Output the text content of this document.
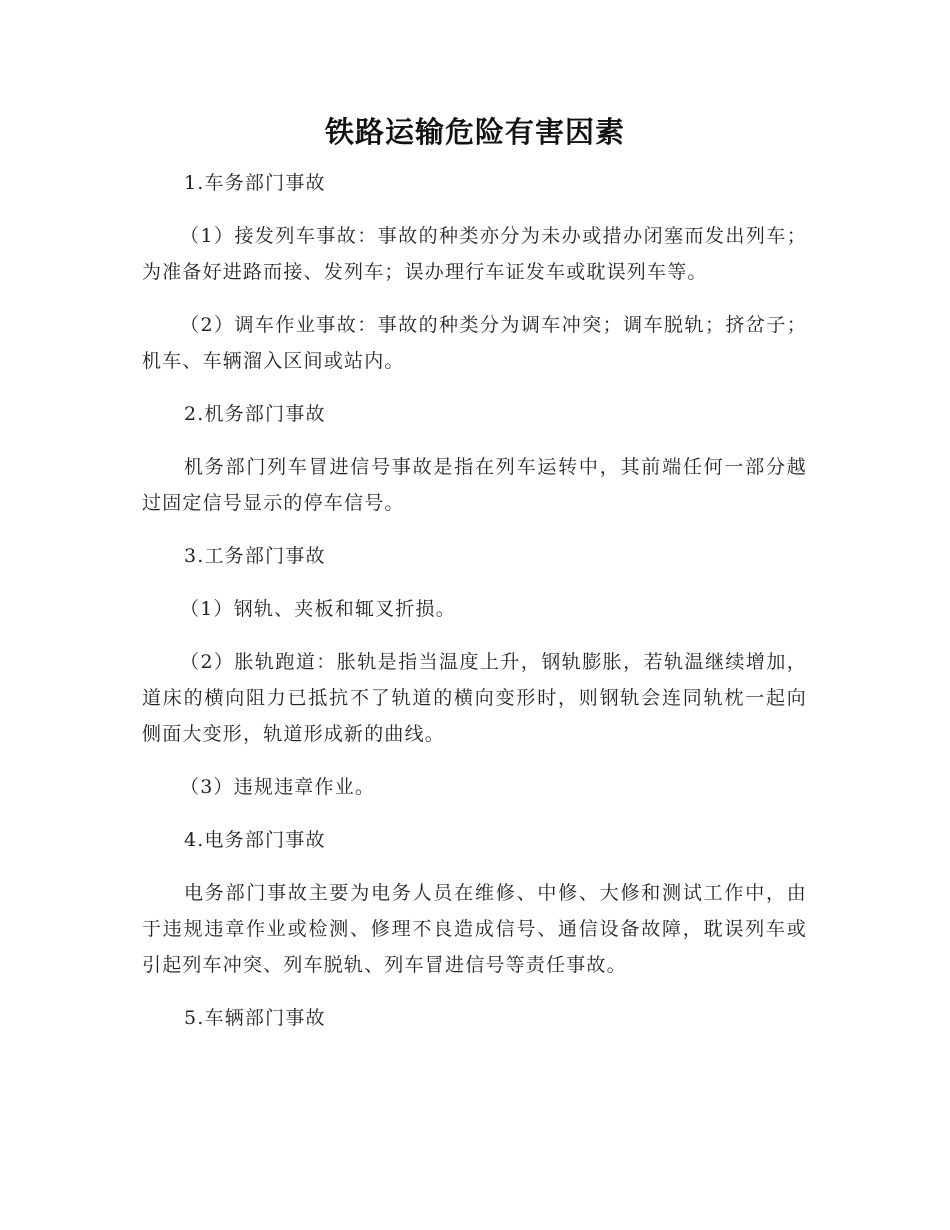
铁路运输危险有害因素

1.车务部门事故

（1）接发列车事故：事故的种类亦分为未办或措办闭塞而发出列车；为准备好进路而接、发列车；误办理行车证发车或耽误列车等。

（2）调车作业事故：事故的种类分为调车冲突；调车脱轨；挤岔子；机车、车辆溜入区间或站内。

2.机务部门事故

机务部门列车冒进信号事故是指在列车运转中，其前端任何一部分越过固定信号显示的停车信号。

3.工务部门事故

（1）钢轨、夹板和辄叉折损。

（2）胀轨跑道：胀轨是指当温度上升，钢轨膨胀，若轨温继续增加，道床的横向阻力已抵抗不了轨道的横向变形时，则钢轨会连同轨枕一起向侧面大变形，轨道形成新的曲线。

（3）违规违章作业。

4.电务部门事故

电务部门事故主要为电务人员在维修、中修、大修和测试工作中，由于违规违章作业或检测、修理不良造成信号、通信设备故障，耽误列车或引起列车冲突、列车脱轨、列车冒进信号等责任事故。

5.车辆部门事故
